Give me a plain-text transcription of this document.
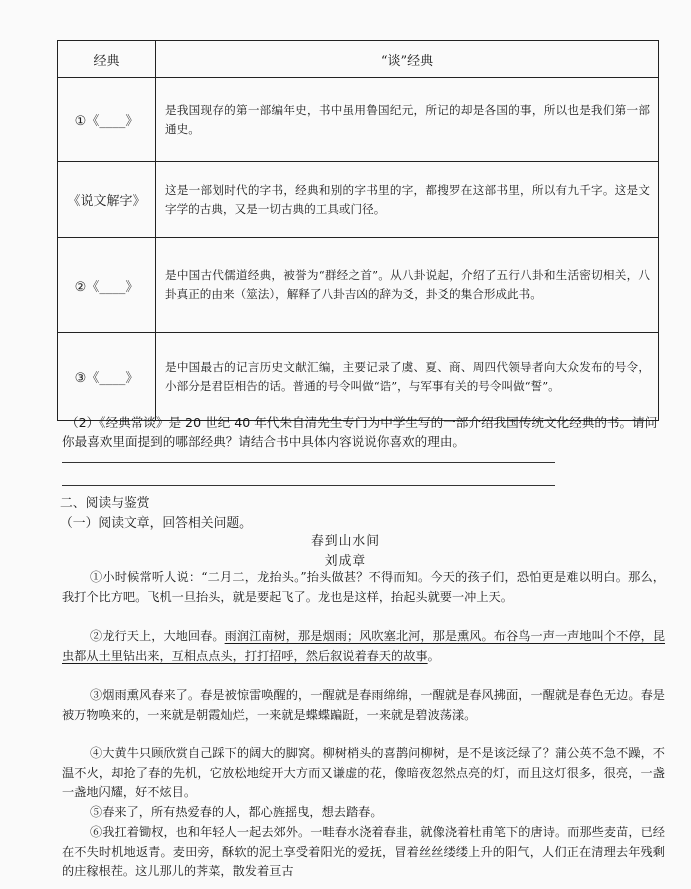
经典	“谈”经典
①《____》	是我国现存的第一部编年史，书中虽用鲁国纪元，所记的却是各国的事，所以也是我们第一部通史。
《说文解字》	这是一部划时代的字书，经典和别的字书里的字，都搜罗在这部书里，所以有九千字。这是文字学的古典，又是一切古典的工具或门径。
②《____》	是中国古代儒道经典，被誉为“群经之首”。从八卦说起，介绍了五行八卦和生活密切相关，八卦真正的由来（筮法），解释了八卦吉凶的辞为爻，卦爻的集合形成此书。
③《____》	是中国最古的记言历史文献汇编，主要记录了虞、夏、商、周四代领导者向大众发布的号令，小部分是君臣相告的话。普通的号令叫做“诰”，与军事有关的号令叫做“誓”。
（2）《经典常谈》是 20 世纪 40 年代朱自清先生专门为中学生写的一部介绍我国传统文化经典的书。请问你最喜欢里面提到的哪部经典？请结合书中具体内容说说你喜欢的理由。
二、阅读与鉴赏
（一）阅读文章，回答相关问题。
春到山水间
刘成章
①小时候常听人说：“二月二，龙抬头。”抬头做甚？不得而知。今天的孩子们，恐怕更是难以明白。那么，我打个比方吧。飞机一旦抬头，就是要起飞了。龙也是这样，抬起头就要一冲上天。
②龙行天上，大地回春。雨润江南树，那是烟雨；风吹塞北河，那是熏风。布谷鸟一声一声地叫个不停，昆虫都从土里钻出来，互相点点头，打打招呼，然后叙说着春天的故事。
③烟雨熏风春来了。春是被惊雷唤醒的，一醒就是春雨绵绵，一醒就是春风拂面，一醒就是春色无边。春是被万物唤来的，一来就是朝霞灿烂，一来就是蝶蝶蹁跹，一来就是碧波荡漾。
④大黄牛只顾欣赏自己踩下的阔大的脚窝。柳树梢头的喜鹊问柳树，是不是该泛绿了？蒲公英不急不躁，不温不火，却抢了春的先机，它放松地绽开大方而又谦虚的花，像暗夜忽然点亮的灯，而且这灯很多，很亮，一盏一盏地闪耀，好不炫目。
⑤春来了，所有热爱春的人，都心旌摇曳，想去踏春。
⑥我扛着锄杈，也和年轻人一起去郊外。一畦春水浇着春韭，就像浇着杜甫笔下的唐诗。而那些麦苗，已经在不失时机地返青。麦田旁，酥软的泥土享受着阳光的爱抚，冒着丝丝缕缕上升的阳气，人们正在清理去年残剩的庄稼根茬。这儿那儿的荠菜，散发着亘古
